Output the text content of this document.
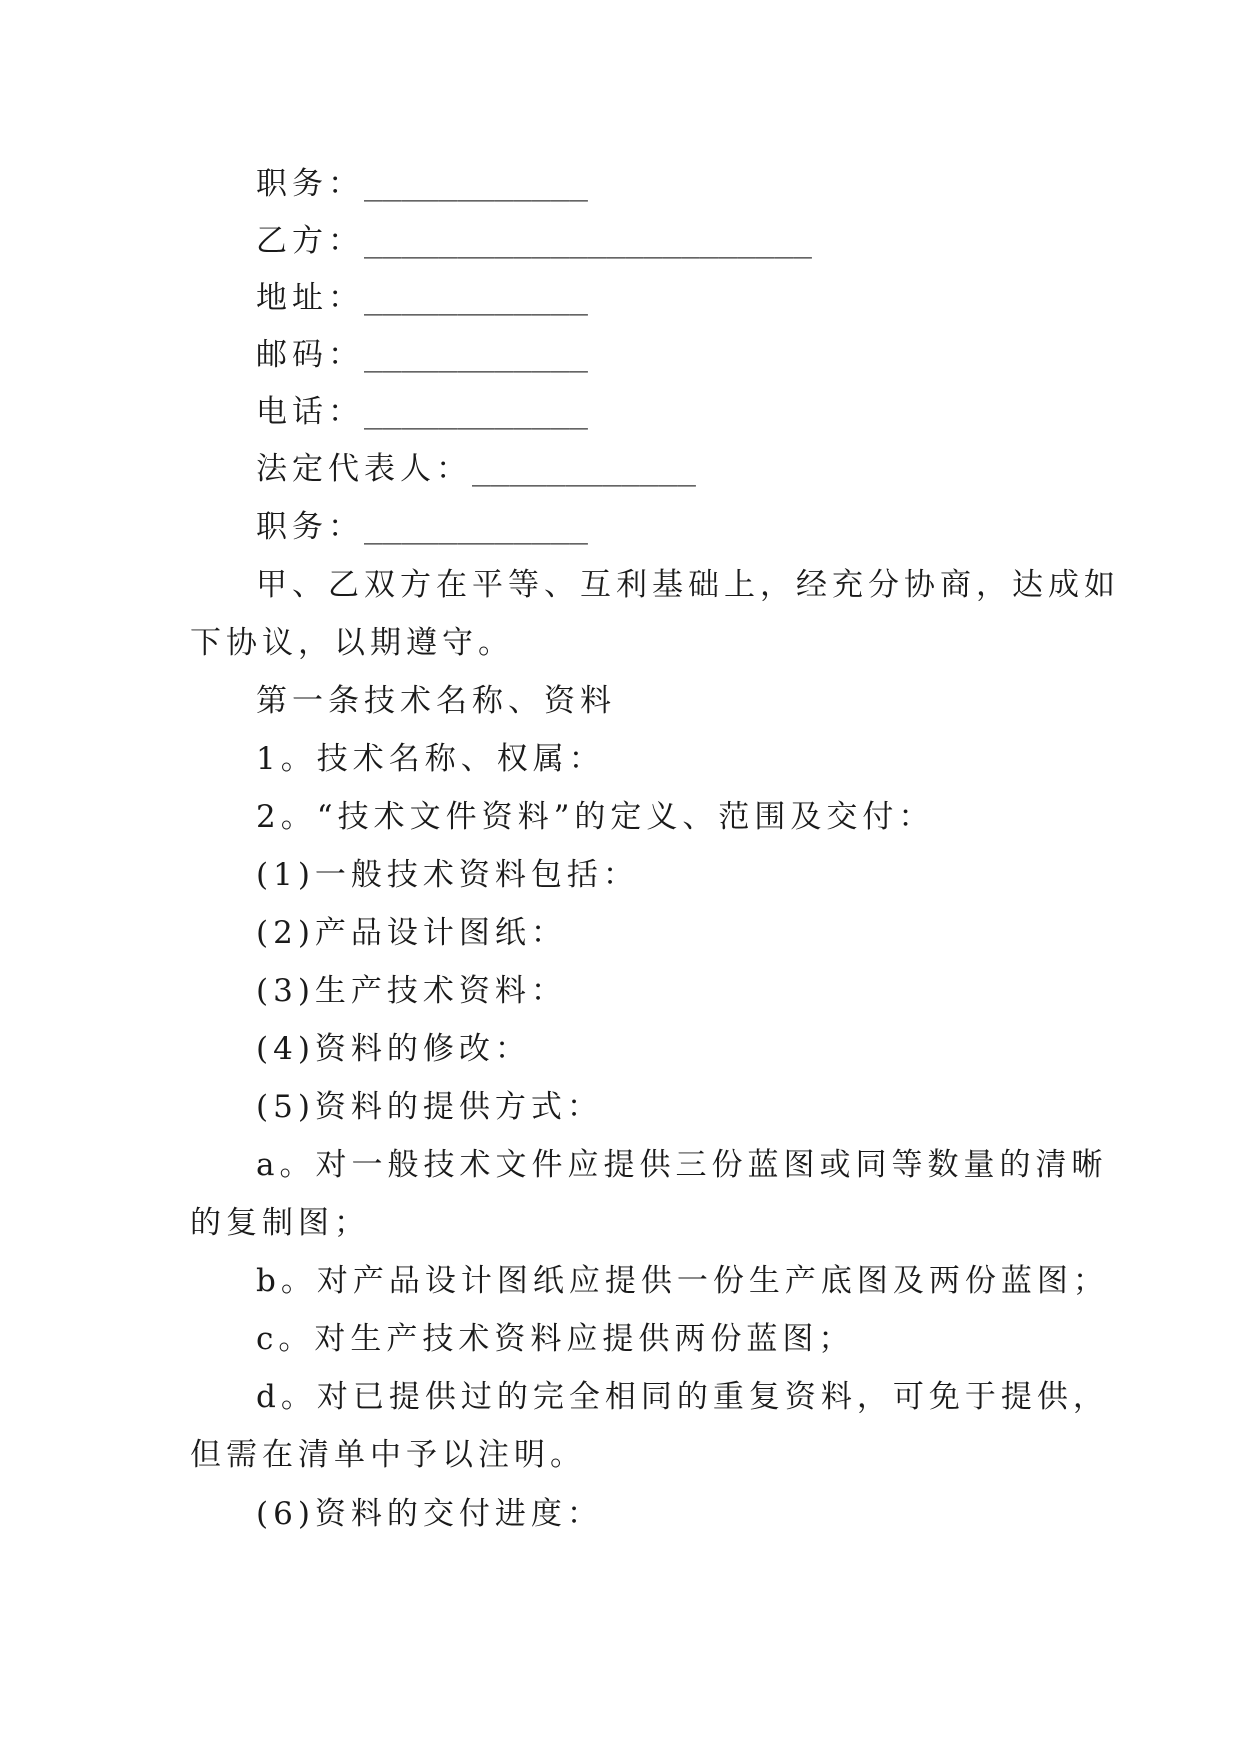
职务：____________
乙方：________________________
地址：____________
邮码：____________
电话：____________
法定代表人：____________
职务：____________
甲、乙双方在平等、互利基础上，经充分协商，达成如
下协议，以期遵守。
第一条技术名称、资料
1。技术名称、权属：
2。“技术文件资料”的定义、范围及交付：
(1)一般技术资料包括：
(2)产品设计图纸：
(3)生产技术资料：
(4)资料的修改：
(5)资料的提供方式：
a。对一般技术文件应提供三份蓝图或同等数量的清晰
的复制图；
b。对产品设计图纸应提供一份生产底图及两份蓝图；
c。对生产技术资料应提供两份蓝图；
d。对已提供过的完全相同的重复资料，可免于提供，
但需在清单中予以注明。
(6)资料的交付进度：
